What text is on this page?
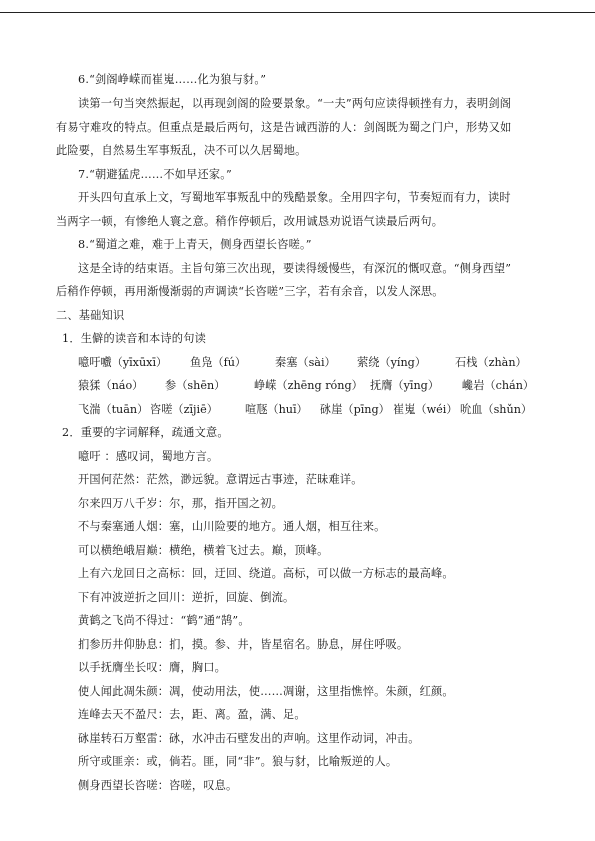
6.“剑阁峥嵘而崔嵬……化为狼与豺。”
读第一句当突然振起，以再现剑阁的险要景象。“一夫”两句应读得顿挫有力，表明剑阁
有易守难攻的特点。但重点是最后两句，这是告诫西游的人：剑阁既为蜀之门户，形势又如
此险要，自然易生军事叛乱，决不可以久居蜀地。
7.“朝避猛虎……不如早还家。”
开头四句直承上文，写蜀地军事叛乱中的残酷景象。全用四字句，节奏短而有力，读时
当两字一顿，有惨绝人寰之意。稍作停顿后，改用诚恳劝说语气读最后两句。
8.“蜀道之难，难于上青天，侧身西望长咨嗟。”
这是全诗的结束语。主旨句第三次出现，要读得缓慢些，有深沉的慨叹意。“侧身西望”
后稍作停顿，再用渐慢渐弱的声调读“长咨嗟”三字，若有余音，以发人深思。
二、基础知识
1．生僻的读音和本诗的句读
噫吁嚱（yīxūxī） 鱼凫（fú）	秦塞（sài） 萦绕（yíng）	石栈（zhàn）
猿猱（náo） 参（shēn）	峥嵘（zhēng róng） 抚膺（yīng） 巉岩（chán）
飞湍（tuān） 咨嗟（zījiē） 喧豗（huī） 砯崖（pīng） 崔嵬（wéi） 吮血（shǔn）
2．重要的字词解释，疏通文意。
噫吁 ：感叹词，蜀地方言。
开国何茫然：茫然，渺远貌。意谓远古事迹，茫昧难详。
尔来四万八千岁：尔，那，指开国之初。
不与秦塞通人烟：塞，山川险要的地方。通人烟，相互往来。
可以横绝峨眉巅：横绝，横着飞过去。巅，顶峰。
上有六龙回日之高标：回，迂回、绕道。高标，可以做一方标志的最高峰。
下有冲波逆折之回川：逆折，回旋、倒流。
黄鹤之飞尚不得过：“鹤”通“鹄”。
扪参历井仰胁息：扪，摸。参、井，皆星宿名。胁息，屏住呼吸。
以手抚膺坐长叹：膺，胸口。
使人闻此凋朱颜：凋，使动用法，使……凋谢，这里指憔悴。朱颜，红颜。
连峰去天不盈尺：去，距、离。盈，满、足。
砯崖转石万壑雷：砯，水冲击石壁发出的声响。这里作动词，冲击。
所守或匪亲：或，倘若。匪，同“非”。狼与豺，比喻叛逆的人。
侧身西望长咨嗟：咨嗟，叹息。
